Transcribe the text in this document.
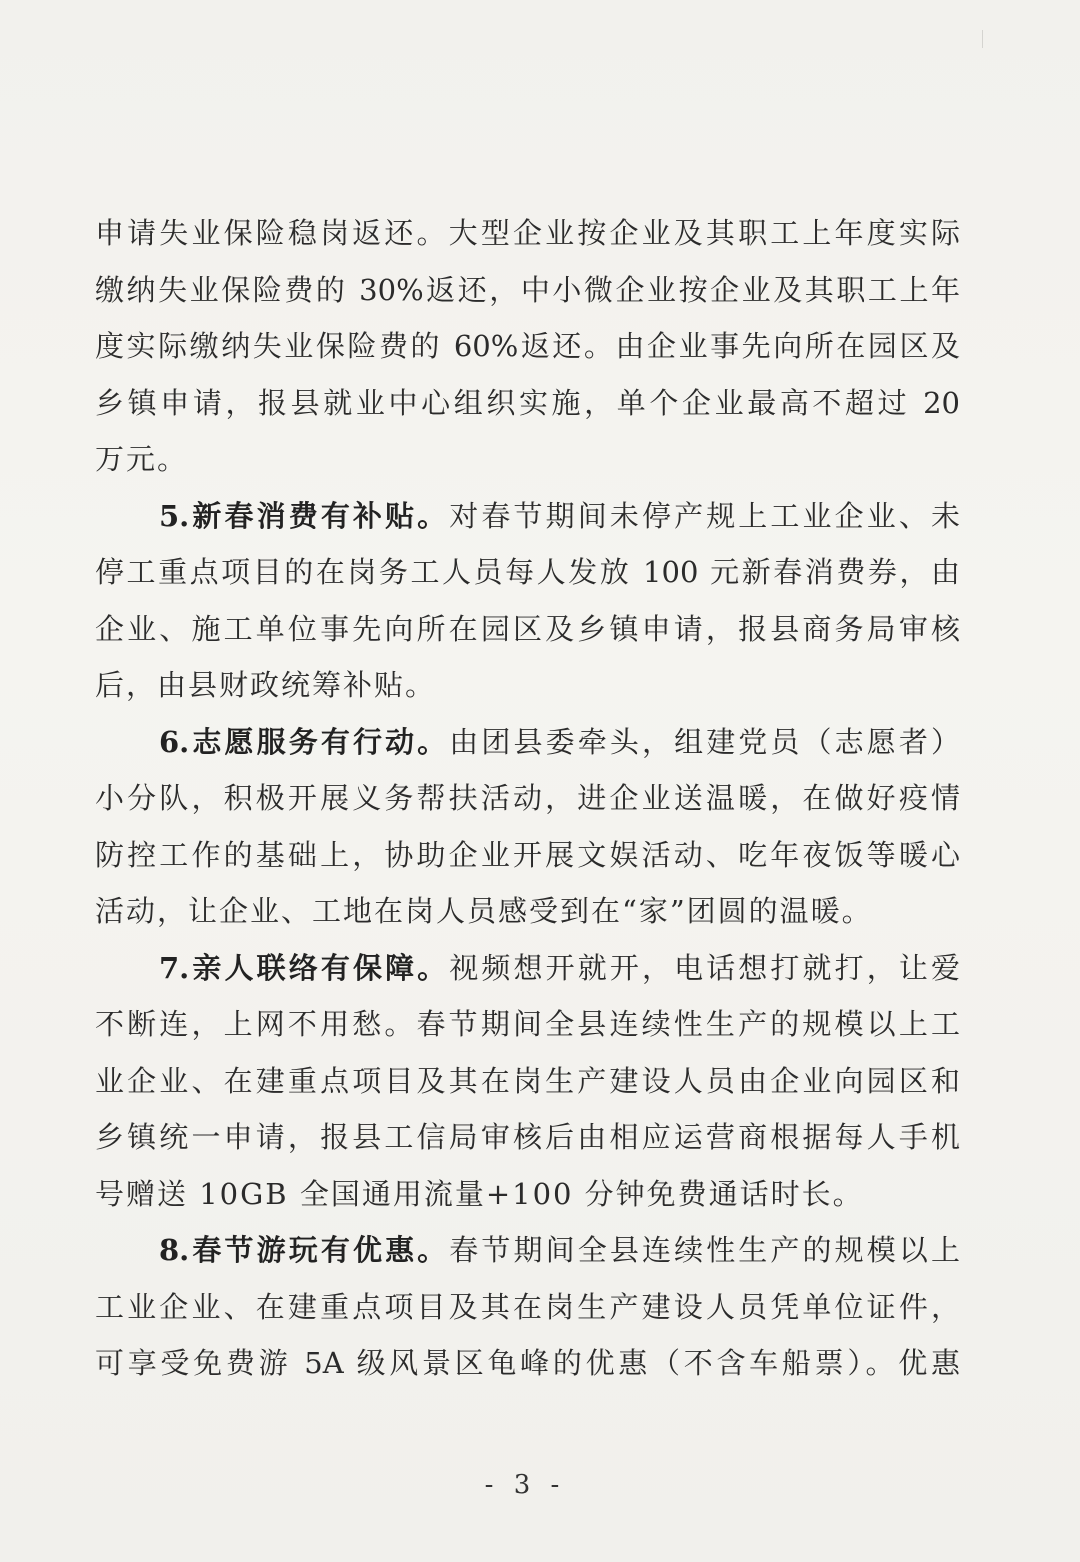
申请失业保险稳岗返还。大型企业按企业及其职工上年度实际
缴纳失业保险费的 30%返还，中小微企业按企业及其职工上年
度实际缴纳失业保险费的 60%返还。由企业事先向所在园区及
乡镇申请，报县就业中心组织实施，单个企业最高不超过 20
万元。
5.新春消费有补贴。对春节期间未停产规上工业企业、未
停工重点项目的在岗务工人员每人发放 100 元新春消费券，由
企业、施工单位事先向所在园区及乡镇申请，报县商务局审核
后，由县财政统筹补贴。
6.志愿服务有行动。由团县委牵头，组建党员（志愿者）
小分队，积极开展义务帮扶活动，进企业送温暖，在做好疫情
防控工作的基础上，协助企业开展文娱活动、吃年夜饭等暖心
活动，让企业、工地在岗人员感受到在“家”团圆的温暖。
7.亲人联络有保障。视频想开就开，电话想打就打，让爱
不断连，上网不用愁。春节期间全县连续性生产的规模以上工
业企业、在建重点项目及其在岗生产建设人员由企业向园区和
乡镇统一申请，报县工信局审核后由相应运营商根据每人手机
号赠送 10GB 全国通用流量+100 分钟免费通话时长。
8.春节游玩有优惠。春节期间全县连续性生产的规模以上
工业企业、在建重点项目及其在岗生产建设人员凭单位证件，
可享受免费游 5A 级风景区龟峰的优惠（不含车船票）。优惠
- 3 -
